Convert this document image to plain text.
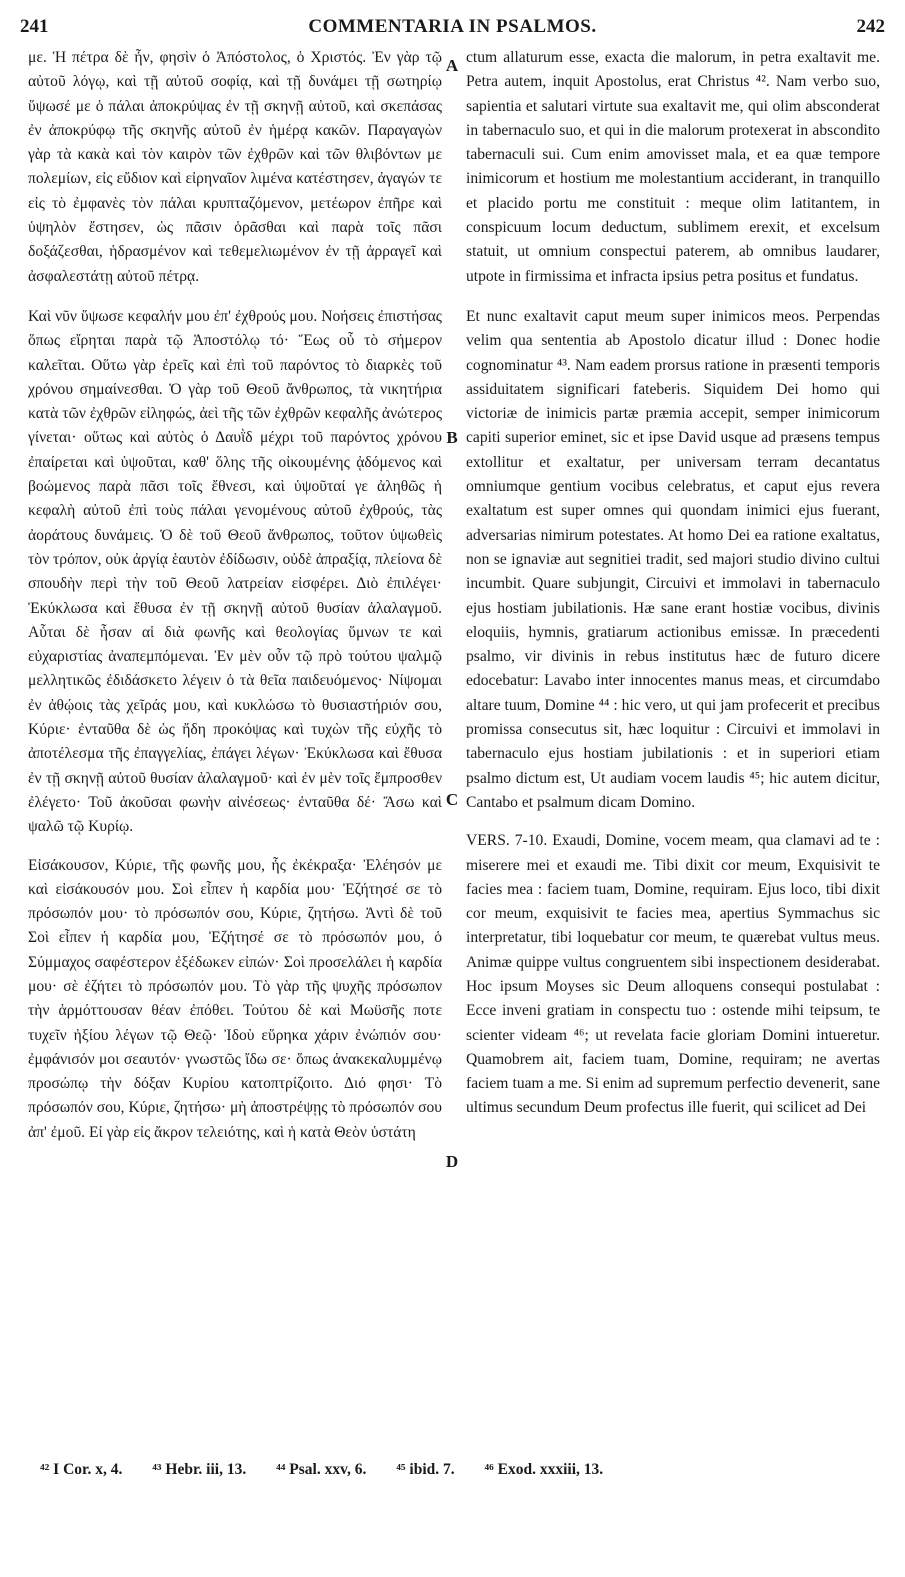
241	COMMENTARIA IN PSALMOS.	242

με. Ἡ πέτρα δὲ ἦν, φησὶν ὁ Ἀπόστολος, ὁ Χριστός. Ἐν γὰρ τῷ αὐτοῦ λόγῳ, καὶ τῇ αὐτοῦ σοφίᾳ, καὶ τῇ δυνάμει τῇ σωτηρίῳ ὕψωσέ με ὁ πάλαι ἀποκρύψας ἐν τῇ σκηνῇ αὐτοῦ, καὶ σκεπάσας ἐν ἀποκρύφῳ τῆς σκηνῆς αὐτοῦ ἐν ἡμέρᾳ κακῶν. Παραγαγὼν γὰρ τὰ κακὰ καὶ τὸν καιρὸν τῶν ἐχθρῶν καὶ τῶν θλιβόντων με πολεμίων, εἰς εὔδιον καὶ εἰρηναῖον λιμένα κατέστησεν, ἀγαγών τε εἰς τὸ ἐμφανὲς τὸν πάλαι κρυπταζόμενον, μετέωρον ἐπῆρε καὶ ὑψηλὸν ἔστησεν, ὡς πᾶσιν ὁρᾶσθαι καὶ παρὰ τοῖς πᾶσι δοξάζεσθαι, ἡδρασμένον καὶ τεθεμελιωμένον ἐν τῇ ἀρραγεῖ καὶ ἀσφαλεστάτῃ αὐτοῦ πέτρᾳ.

Καὶ νῦν ὕψωσε κεφαλήν μου ἐπ' ἐχθρούς μου. Νοήσεις ἐπιστήσας ὅπως εἴρηται παρὰ τῷ Ἀποστόλῳ τό· Ἕως οὗ τὸ σήμερον καλεῖται. Οὕτω γὰρ ἐρεῖς καὶ ἐπὶ τοῦ παρόντος τὸ διαρκὲς τοῦ χρόνου σημαίνεσθαι. Ὁ γὰρ τοῦ Θεοῦ ἄνθρωπος, τὰ νικητήρια κατὰ τῶν ἐχθρῶν εἰληφώς, ἀεὶ τῆς τῶν ἐχθρῶν κεφαλῆς ἀνώτερος γίνεται· οὕτως καὶ αὐτὸς ὁ Δαυῒδ μέχρι τοῦ παρόντος χρόνου ἐπαίρεται καὶ ὑψοῦται, καθ' ὅλης τῆς οἰκουμένης ᾀδόμενος καὶ βοώμενος παρὰ πᾶσι τοῖς ἔθνεσι, καὶ ὑψοῦταί γε ἀληθῶς ἡ κεφαλὴ αὐτοῦ ἐπὶ τοὺς πάλαι γενομένους αὐτοῦ ἐχθρούς, τὰς ἀοράτους δυνάμεις. Ὁ δὲ τοῦ Θεοῦ ἄνθρωπος, τοῦτον ὑψωθεὶς τὸν τρόπον, οὐκ ἀργίᾳ ἑαυτὸν ἐδίδωσιν, οὐδὲ ἀπραξίᾳ, πλείονα δὲ σπουδὴν περὶ τὴν τοῦ Θεοῦ λατρείαν εἰσφέρει. Διὸ ἐπιλέγει· Ἐκύκλωσα καὶ ἔθυσα ἐν τῇ σκηνῇ αὐτοῦ θυσίαν ἀλαλαγμοῦ. Αὗται δὲ ἦσαν αἱ διὰ φωνῆς καὶ θεολογίας ὕμνων τε καὶ εὐχαριστίας ἀναπεμπόμεναι. Ἐν μὲν οὖν τῷ πρὸ τούτου ψαλμῷ μελλητικῶς ἐδιδάσκετο λέγειν ὁ τὰ θεῖα παιδευόμενος· Νίψομαι ἐν ἀθῴοις τὰς χεῖράς μου, καὶ κυκλώσω τὸ θυσιαστήριόν σου, Κύριε· ἐνταῦθα δὲ ὡς ἤδη προκόψας καὶ τυχὼν τῆς εὐχῆς τὸ ἀποτέλεσμα τῆς ἐπαγγελίας, ἐπάγει λέγων· Ἐκύκλωσα καὶ ἔθυσα ἐν τῇ σκηνῇ αὐτοῦ θυσίαν ἀλαλαγμοῦ· καὶ ἐν μὲν τοῖς ἔμπροσθεν ἐλέγετο· Τοῦ ἀκοῦσαι φωνὴν αἰνέσεως· ἐνταῦθα δέ· Ἄσω καὶ ψαλῶ τῷ Κυρίῳ.

Εἰσάκουσον, Κύριε, τῆς φωνῆς μου, ἧς ἐκέκραξα· Ἐλέησόν με καὶ εἰσάκουσόν μου. Σοὶ εἶπεν ἡ καρδία μου· Ἐζήτησέ σε τὸ πρόσωπόν μου· τὸ πρόσωπόν σου, Κύριε, ζητήσω. Ἀντὶ δὲ τοῦ Σοὶ εἶπεν ἡ καρδία μου, Ἐζήτησέ σε τὸ πρόσωπόν μου, ὁ Σύμμαχος σαφέστερον ἐξέδωκεν εἰπών· Σοὶ προσελάλει ἡ καρδία μου· σὲ ἐζήτει τὸ πρόσωπόν μου. Τὸ γὰρ τῆς ψυχῆς πρόσωπον τὴν ἁρμόττουσαν θέαν ἐπόθει. Τούτου δὲ καὶ Μωϋσῆς ποτε τυχεῖν ἠξίου λέγων τῷ Θεῷ· Ἰδοὺ εὕρηκα χάριν ἐνώπιόν σου· ἐμφάνισόν μοι σεαυτόν· γνωστῶς ἴδω σε· ὅπως ἀνακεκαλυμμένῳ προσώπῳ τὴν δόξαν Κυρίου κατοπτρίζοιτο. Διό φησι· Τὸ πρόσωπόν σου, Κύριε, ζητήσω· μὴ ἀποστρέψῃς τὸ πρόσωπόν σου ἀπ' ἐμοῦ. Εἰ γὰρ εἰς ἄκρον τελειότης, καὶ ἡ κατὰ Θεὸν ὑστάτη

A
B
C
D

ctum allaturum esse, exacta die malorum, in petra exaltavit me. Petra autem, inquit Apostolus, erat Christus ⁴². Nam verbo suo, sapientia et salutari virtute sua exaltavit me, qui olim absconderat in tabernaculo suo, et qui in die malorum protexerat in abscondito tabernaculi sui. Cum enim amovisset mala, et ea quæ tempore inimicorum et hostium me molestantium acciderant, in tranquillo et placido portu me constituit : meque olim latitantem, in conspicuum locum deductum, sublimem erexit, et excelsum statuit, ut omnium conspectui paterem, ab omnibus laudarer, utpote in firmissima et infracta ipsius petra positus et fundatus.

Et nunc exaltavit caput meum super inimicos meos. Perpendas velim qua sententia ab Apostolo dicatur illud : Donec hodie cognominatur ⁴³. Nam eadem prorsus ratione in præsenti temporis assiduitatem significari fateberis. Siquidem Dei homo qui victoriæ de inimicis partæ præmia accepit, semper inimicorum capiti superior eminet, sic et ipse David usque ad præsens tempus extollitur et exaltatur, per universam terram decantatus omniumque gentium vocibus celebratus, et caput ejus revera exaltatum est super omnes qui quondam inimici ejus fuerant, adversarias nimirum potestates. At homo Dei ea ratione exaltatus, non se ignaviæ aut segnitiei tradit, sed majori studio divino cultui incumbit. Quare subjungit, Circuivi et immolavi in tabernaculo ejus hostiam jubilationis. Hæ sane erant hostiæ vocibus, divinis eloquiis, hymnis, gratiarum actionibus emissæ. In præcedenti psalmo, vir divinis in rebus institutus hæc de futuro dicere edocebatur: Lavabo inter innocentes manus meas, et circumdabo altare tuum, Domine ⁴⁴ : hic vero, ut qui jam profecerit et precibus promissa consecutus sit, hæc loquitur : Circuivi et immolavi in tabernaculo ejus hostiam jubilationis : et in superiori etiam psalmo dictum est, Ut audiam vocem laudis ⁴⁵; hic autem dicitur, Cantabo et psalmum dicam Domino.

VERS. 7-10. Exaudi, Domine, vocem meam, qua clamavi ad te : miserere mei et exaudi me. Tibi dixit cor meum, Exquisivit te facies mea : faciem tuam, Domine, requiram. Ejus loco, tibi dixit cor meum, exquisivit te facies mea, apertius Symmachus sic interpretatur, tibi loquebatur cor meum, te quærebat vultus meus. Animæ quippe vultus congruentem sibi inspectionem desiderabat. Hoc ipsum Moyses sic Deum alloquens consequi postulabat : Ecce inveni gratiam in conspectu tuo : ostende mihi teipsum, te scienter videam ⁴⁶; ut revelata facie gloriam Domini intueretur. Quamobrem ait, faciem tuam, Domine, requiram; ne avertas faciem tuam a me. Si enim ad supremum perfectio devenerit, sane ultimus secundum Deum profectus ille fuerit, qui scilicet ad Dei

⁴² I Cor. x, 4. ⁴³ Hebr. iii, 13. ⁴⁴ Psal. xxv, 6. ⁴⁵ ibid. 7. ⁴⁶ Exod. xxxiii, 13.
